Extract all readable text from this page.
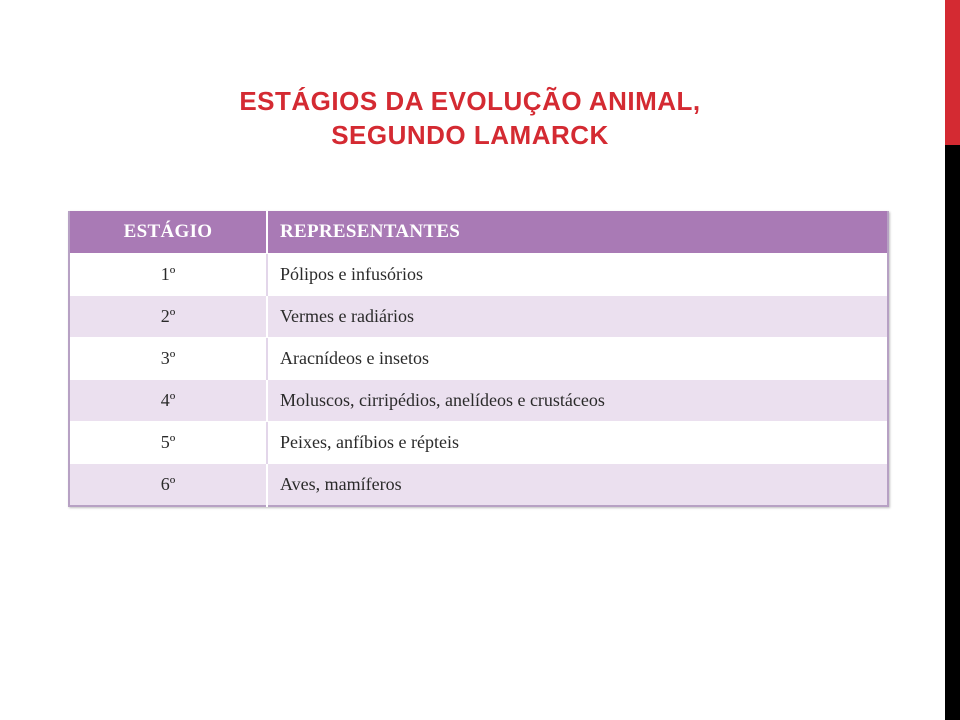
ESTÁGIOS DA EVOLUÇÃO ANIMAL,
SEGUNDO LAMARCK
ESTÁGIO	REPRESENTANTES
1º	Pólipos e infusórios
2º	Vermes e radiários
3º	Aracnídeos e insetos
4º	Moluscos, cirripédios, anelídeos e crustáceos
5º	Peixes, anfíbios e répteis
6º	Aves, mamíferos
